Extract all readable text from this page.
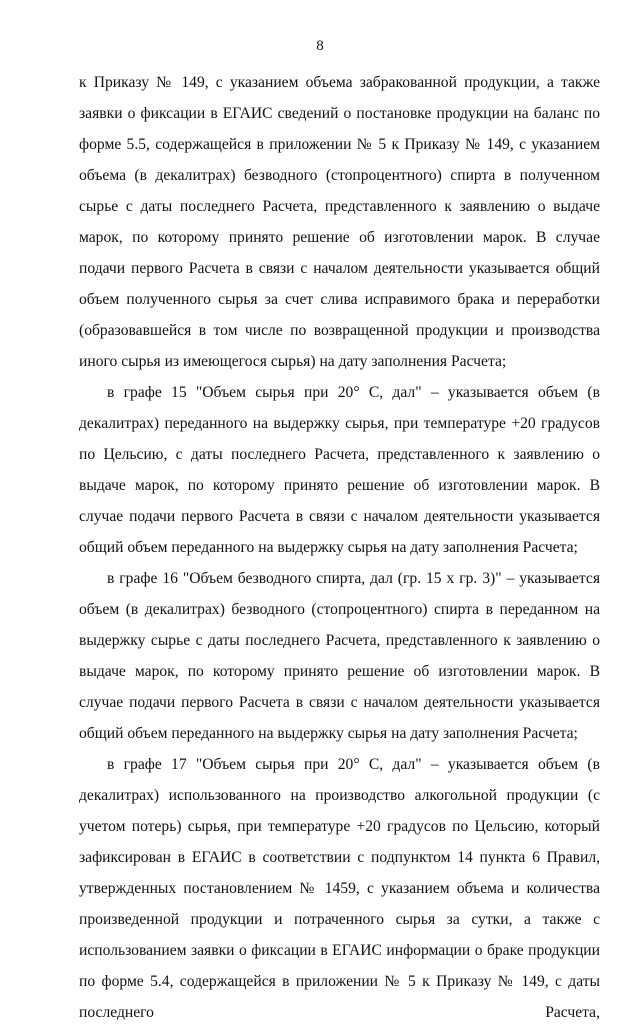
8

к Приказу № 149, с указанием объема забракованной продукции, а также заявки о фиксации в ЕГАИС сведений о постановке продукции на баланс по форме 5.5, содержащейся в приложении № 5 к Приказу № 149, с указанием объема (в декалитрах) безводного (стопроцентного) спирта в полученном сырье с даты последнего Расчета, представленного к заявлению о выдаче марок, по которому принято решение об изготовлении марок. В случае подачи первого Расчета в связи с началом деятельности указывается общий объем полученного сырья за счет слива исправимого брака и переработки (образовавшейся в том числе по возвращенной продукции и производства иного сырья из имеющегося сырья) на дату заполнения Расчета;

в графе 15 "Объем сырья при 20° С, дал" – указывается объем (в декалитрах) переданного на выдержку сырья, при температуре +20 градусов по Цельсию, с даты последнего Расчета, представленного к заявлению о выдаче марок, по которому принято решение об изготовлении марок. В случае подачи первого Расчета в связи с началом деятельности указывается общий объем переданного на выдержку сырья на дату заполнения Расчета;

в графе 16 "Объем безводного спирта, дал (гр. 15 х гр. 3)" – указывается объем (в декалитрах) безводного (стопроцентного) спирта в переданном на выдержку сырье с даты последнего Расчета, представленного к заявлению о выдаче марок, по которому принято решение об изготовлении марок. В случае подачи первого Расчета в связи с началом деятельности указывается общий объем переданного на выдержку сырья на дату заполнения Расчета;

в графе 17 "Объем сырья при 20° С, дал" – указывается объем (в декалитрах) использованного на производство алкогольной продукции (с учетом потерь) сырья, при температуре +20 градусов по Цельсию, который зафиксирован в ЕГАИС в соответствии с подпунктом 14 пункта 6 Правил, утвержденных постановлением № 1459, с указанием объема и количества произведенной продукции и потраченного сырья за сутки, а также с использованием заявки о фиксации в ЕГАИС информации о браке продукции по форме 5.4, содержащейся в приложении № 5 к Приказу № 149, с даты последнего Расчета,
